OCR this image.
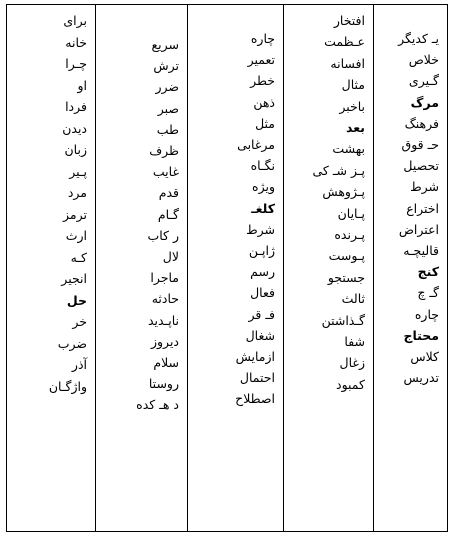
یـ کدیگر
خلاص
گـیری
مرگ
فرهنگ
حـ قوق
تحصیل
شرط
اختراع
اعتراض
قالیچـه
کنج
گـ چ
چاره
محتاج
کلاس
تدریس
افتخار
عـظمت
افسانه
مثال
باخبر
بعد
بهشت
پـز شـ کی
پـژوهش
پـایان
پـرنده
پـوست
جستجو
ثالث
گـذاشتن
شفا
زغال
کمبود
چاره
تعمیر
خطر
ذهن
مثل
مرغابی
نگـاه
ویژه
کلغـ
شرط
ژاپـن
رسم
فعال
فـ قر
شغال
ازمایش
احتمال
اصطلاح
سریع
ترش
ضرر
صبر
طب
ظرف
غایب
قدم
گـام
ر کاب
لال
ماجرا
حادثه
ناپـدید
دیروز
سلام
روستا
د هـ کده
برای
خانه
چـرا
او
فردا
دیدن
زبان
پـیر
مرد
ترمز
ارث
کـه
انجیر
حل
خر
ضرب
آذر
واژگـان
